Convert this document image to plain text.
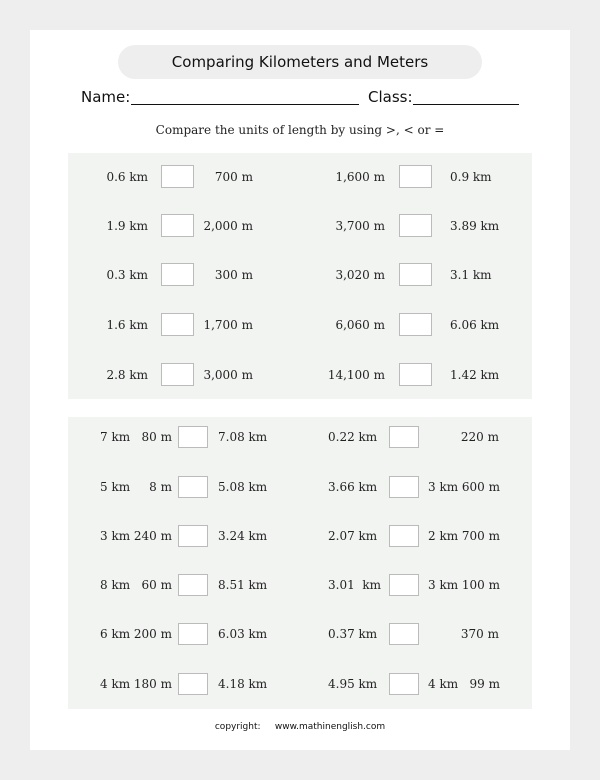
Comparing Kilometers and Meters
Name:	Class:
Compare the units of length by using >, < or =
0.6 km	700 m	1,600 m	0.9 km
1.9 km	2,000 m	3,700 m	3.89 km
0.3 km	300 m	3,020 m	3.1 km
1.6 km	1,700 m	6,060 m	6.06 km
2.8 km	3,000 m	14,100 m	1.42 km
7 km   80 m	7.08 km	0.22 km	220 m
5 km     8 m	5.08 km	3.66 km	3 km 600 m
3 km 240 m	3.24 km	2.07 km	2 km 700 m
8 km   60 m	8.51 km	3.01  km	3 km 100 m
6 km 200 m	6.03 km	0.37 km	370 m
4 km 180 m	4.18 km	4.95 km	4 km   99 m
copyright: www.mathinenglish.com
